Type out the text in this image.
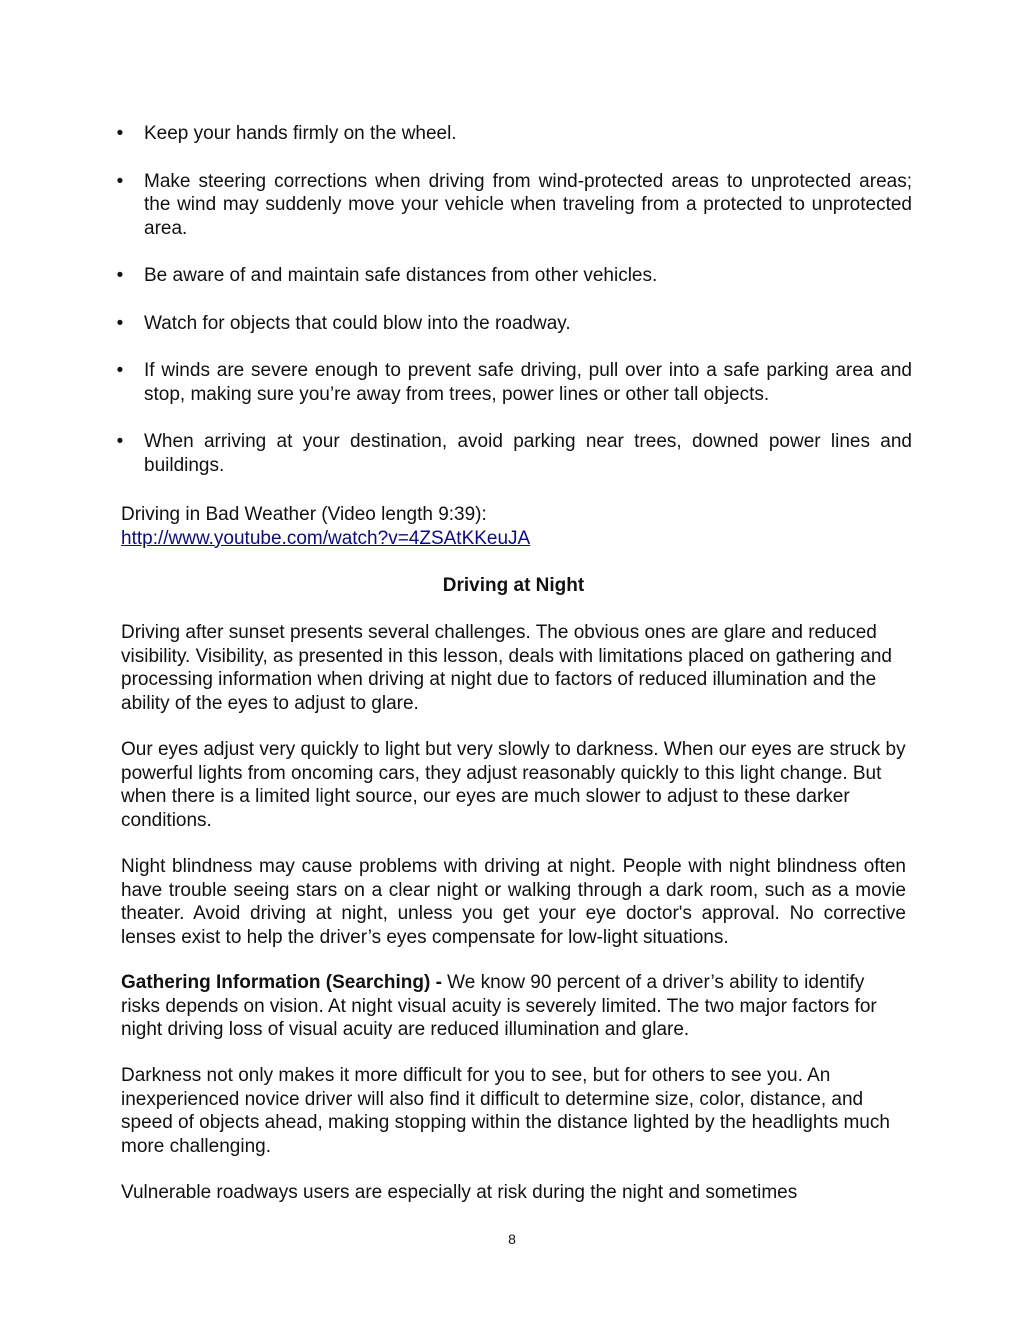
• Keep your hands firmly on the wheel.
• Make steering corrections when driving from wind-protected areas to unprotected areas; the wind may suddenly move your vehicle when traveling from a protected to unprotected area.
• Be aware of and maintain safe distances from other vehicles.
• Watch for objects that could blow into the roadway.
• If winds are severe enough to prevent safe driving, pull over into a safe parking area and stop, making sure you’re away from trees, power lines or other tall objects.
• When arriving at your destination, avoid parking near trees, downed power lines and buildings.
Driving in Bad Weather (Video length 9:39):
http://www.youtube.com/watch?v=4ZSAtKKeuJA
Driving at Night

Driving after sunset presents several challenges. The obvious ones are glare and reduced visibility. Visibility, as presented in this lesson, deals with limitations placed on gathering and processing information when driving at night due to factors of reduced illumination and the ability of the eyes to adjust to glare.

Our eyes adjust very quickly to light but very slowly to darkness. When our eyes are struck by powerful lights from oncoming cars, they adjust reasonably quickly to this light change. But when there is a limited light source, our eyes are much slower to adjust to these darker conditions.

Night blindness may cause problems with driving at night. People with night blindness often have trouble seeing stars on a clear night or walking through a dark room, such as a movie theater. Avoid driving at night, unless you get your eye doctor's approval. No corrective lenses exist to help the driver’s eyes compensate for low-light situations.

Gathering Information (Searching) - We know 90 percent of a driver’s ability to identify risks depends on vision. At night visual acuity is severely limited. The two major factors for night driving loss of visual acuity are reduced illumination and glare.

Darkness not only makes it more difficult for you to see, but for others to see you. An inexperienced novice driver will also find it difficult to determine size, color, distance, and speed of objects ahead, making stopping within the distance lighted by the headlights much more challenging.

Vulnerable roadways users are especially at risk during the night and sometimes

8
